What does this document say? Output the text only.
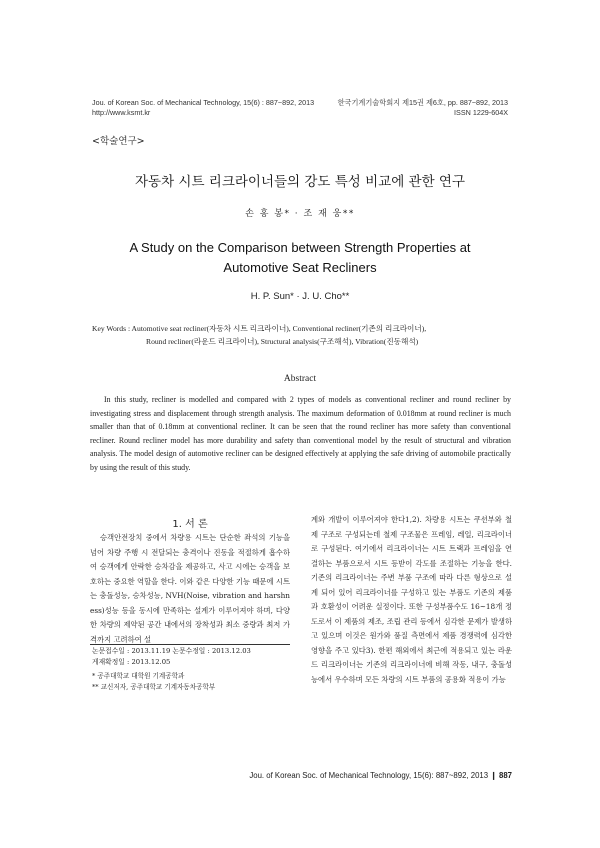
Jou. of Korean Soc. of Mechanical Technology, 15(6) : 887~892, 2013
http://www.ksmt.kr
한국기계기술학회지 제15권 제6호, pp. 887~892, 2013
ISSN 1229-604X
<학술연구>
자동차 시트 리크라이너들의 강도 특성 비교에 관한 연구
손 홍 봉* · 조 재 웅**
A Study on the Comparison between Strength Properties at
Automotive Seat Recliners
H. P. Sun* · J. U. Cho**
Key Words : Automotive seat recliner(자동차 시트 리크라이너), Conventional recliner(기존의 리크라이너),
Round recliner(라운드 리크라이너), Structural analysis(구조해석), Vibration(진동해석)
Abstract

In this study, recliner is modelled and compared with 2 types of models as conventional recliner and round recliner by investigating stress and displacement through strength analysis. The maximum deformation of 0.018mm at round recliner is much smaller than that of 0.18mm at conventional recliner. It can be seen that the round recliner has more safety than conventional recliner. Round recliner model has more durability and safety than conventional model by the result of structural and vibration analysis. The model design of automotive recliner can be designed effectively at applying the safe driving of automobile practically by using the result of this study.

1. 서 론

승객안전장치 중에서 차량용 시트는 단순한 좌석의 기능을 넘어 차량 주행 시 전달되는 충격이나 진동을 적절하게 흡수하여 승객에게 안락한 승차감을 제공하고, 사고 시에는 승객을 보호하는 중요한 역할을 한다. 이와 같은 다양한 기능 때문에 시트는 충돌성능, 승차성능, NVH(Noise, vibration and harshness)성능 등을 동시에 만족하는 설계가 이루어져야 하며, 다양한 차량의 제약된 공간 내에서의 장착성과 최소 중량과 최저 가격까지 고려하여 설

계와 개발이 이루어져야 한다1,2). 차량용 시트는 쿠션부와 철제 구조로 구성되는데 철제 구조물은 프레임, 레일, 리크라이너로 구성된다. 여기에서 리크라이너는 시트 트랙과 프레임을 연결하는 부품으로서 시트 등받이 각도를 조절하는 기능을 한다. 기존의 리크라이너는 주변 부품 구조에 따라 다른 형상으로 설계 되어 있어 리크라이너를 구성하고 있는 부품도 기존의 제품과 호환성이 어려운 실정이다. 또한 구성부품수도 16~18개 정도로서 이 제품의 제조, 조립 관리 등에서 심각한 문제가 발생하고 있으며 이것은 원가와 품질 측면에서 제품 경쟁력에 심각한 영향을 주고 있다3). 한편 해외에서 최근에 적용되고 있는 라운드 리크라이너는 기존의 리크라이너에 비해 작동, 내구, 충돌성능에서 우수하며 모든 차량의 시트 부품의 공용화 적용이 가능

논문접수일 : 2013.11.19 논문수정일 : 2013.12.03
게재확정일 : 2013.12.05
* 공주대학교 대학원 기계공학과
** 교신저자, 공주대학교 기계자동차공학부
Jou. of Korean Soc. of Mechanical Technology, 15(6): 887~892, 2013 ❙ 887
